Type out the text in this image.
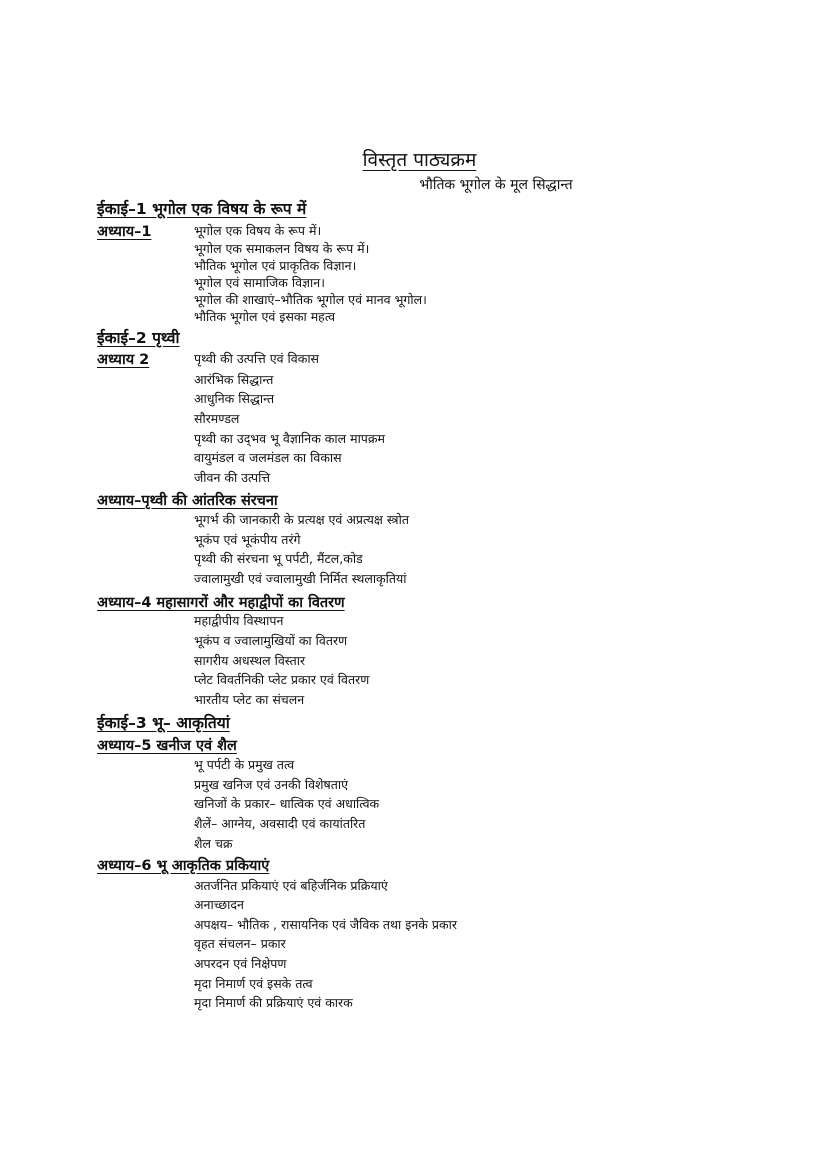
विस्तृत पाठ्यक्रम
भौतिक भूगोल के मूल सिद्धान्त
ईकाई–1 भूगोल एक विषय के रूप में
अध्याय–1	भूगोल एक विषय के रूप में।
भूगोल एक समाकलन विषय के रूप में।
भौतिक भूगोल एवं प्राकृतिक विज्ञान।
भूगोल एवं सामाजिक विज्ञान।
भूगोल की शाखाएं–भौतिक भूगोल एवं मानव भूगोल।
भौतिक भूगोल एवं इसका महत्व
ईकाई–2 पृथ्वी
अध्याय 2	पृथ्वी की उत्पत्ति एवं विकास
आरंभिक सिद्धान्त
आधुनिक सिद्धान्त
सौरमण्डल
पृथ्वी का उद्‌भव भू वैज्ञानिक काल मापक्रम
वायुमंडल व जलमंडल का विकास
जीवन की उत्पत्ति
अध्याय–पृथ्वी की आंतरिक संरचना
भूगर्भ की जानकारी के प्रत्यक्ष एवं अप्रत्यक्ष स्त्रोत
भूकंप एवं भूकंपीय तरंगे
पृथ्वी की संरचना भू पर्पटी, मैंटल,कोड
ज्वालामुखी एवं ज्वालामुखी निर्मित स्थलाकृतियां
अध्याय–4 महासागरों और महाद्वीपों का वितरण
महाद्वीपीय विस्थापन
भूकंप व ज्वालामुखियों का वितरण
सागरीय अधस्थल विस्तार
प्लेट विवर्तनिकी प्लेट प्रकार एवं वितरण
भारतीय प्लेट का संचलन
ईकाई–3 भू– आकृतियां
अध्याय–5 खनीज एवं शैल
भू पर्पटी के प्रमुख तत्व
प्रमुख खनिज एवं उनकी विशेषताएं
खनिजों के प्रकार– धात्विक एवं अधात्विक
शैलें– आग्नेय, अवसादी एवं कायांतरित
शैल चक्र
अध्याय–6 भू आकृतिक प्रकियाएं
अतर्जनित प्रकियाएं एवं बहिर्जनिक प्रक्रियाएं
अनाच्छादन
अपक्षय– भौतिक , रासायनिक एवं जैविक तथा इनके प्रकार
वृहत संचलन– प्रकार
अपरदन एवं निक्षेपण
मृदा निमार्ण एवं इसके तत्व
मृदा निमार्ण की प्रक्रियाएं एवं कारक
